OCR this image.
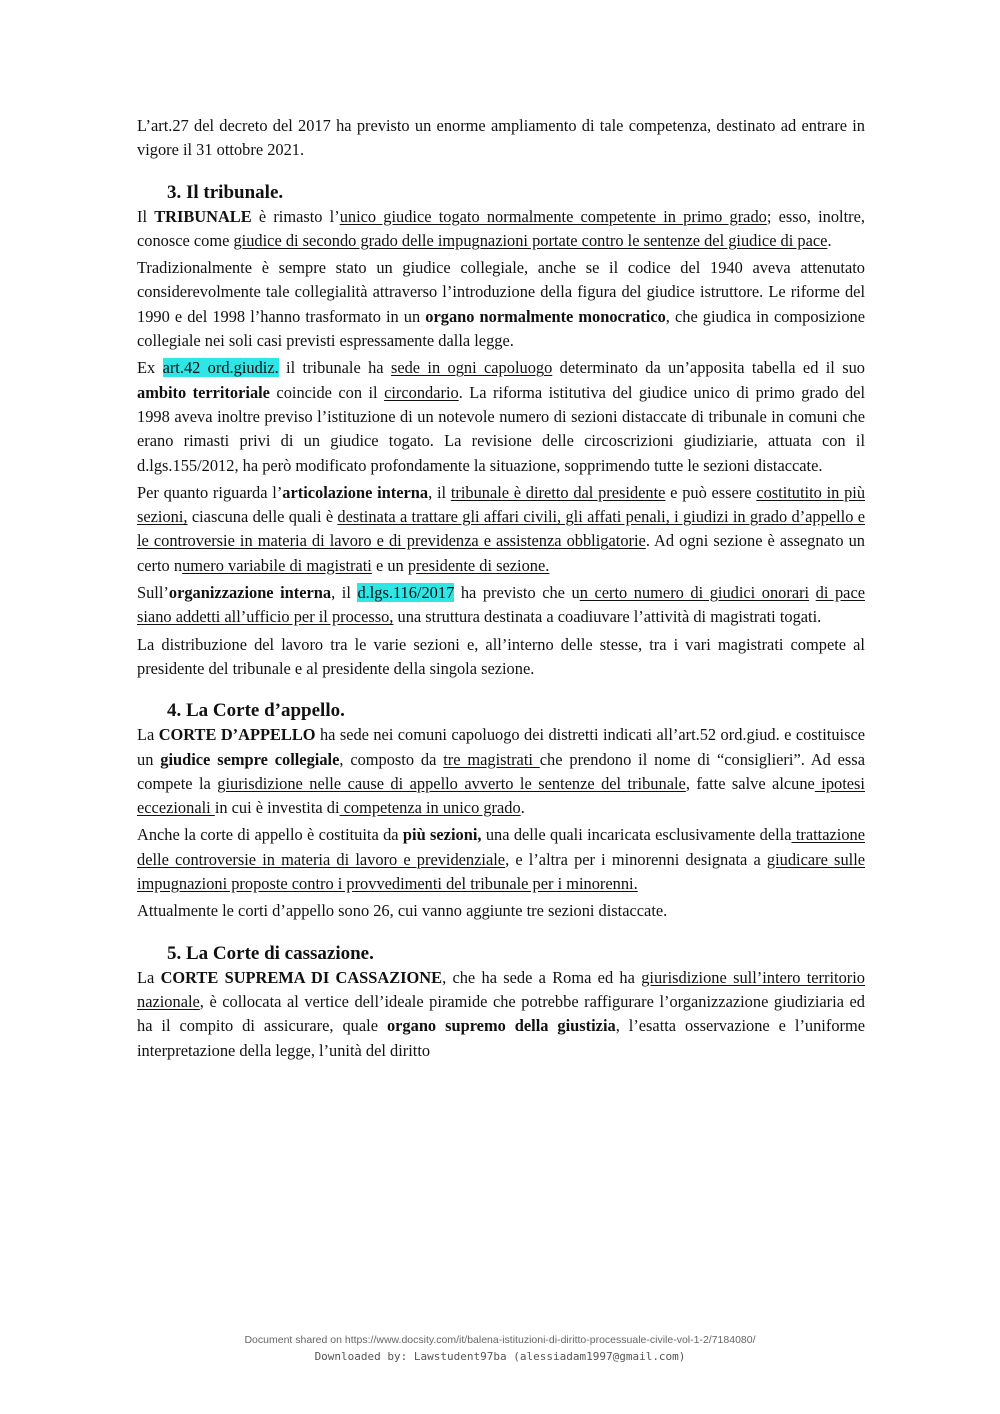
L’art.27 del decreto del 2017 ha previsto un enorme ampliamento di tale competenza, destinato ad entrare in vigore il 31 ottobre 2021.

3. Il tribunale.

Il TRIBUNALE è rimasto l’unico giudice togato normalmente competente in primo grado; esso, inoltre, conosce come giudice di secondo grado delle impugnazioni portate contro le sentenze del giudice di pace.

Tradizionalmente è sempre stato un giudice collegiale, anche se il codice del 1940 aveva attenutato considerevolmente tale collegialità attraverso l’introduzione della figura del giudice istruttore. Le riforme del 1990 e del 1998 l’hanno trasformato in un organo normalmente monocratico, che giudica in composizione collegiale nei soli casi previsti espressamente dalla legge.

Ex art.42 ord.giudiz. il tribunale ha sede in ogni capoluogo determinato da un’apposita tabella ed il suo ambito territoriale coincide con il circondario. La riforma istitutiva del giudice unico di primo grado del 1998 aveva inoltre previso l’istituzione di un notevole numero di sezioni distaccate di tribunale in comuni che erano rimasti privi di un giudice togato. La revisione delle circoscrizioni giudiziarie, attuata con il d.lgs.155/2012, ha però modificato profondamente la situazione, sopprimendo tutte le sezioni distaccate.

Per quanto riguarda l’articolazione interna, il tribunale è diretto dal presidente e può essere costitutito in più sezioni, ciascuna delle quali è destinata a trattare gli affari civili, gli affati penali, i giudizi in grado d’appello e le controversie in materia di lavoro e di previdenza e assistenza obbligatorie. Ad ogni sezione è assegnato un certo numero variabile di magistrati e un presidente di sezione.

Sull’organizzazione interna, il d.lgs.116/2017 ha previsto che un certo numero di giudici onorari di pace siano addetti all’ufficio per il processo, una struttura destinata a coadiuvare l’attività di magistrati togati.

La distribuzione del lavoro tra le varie sezioni e, all’interno delle stesse, tra i vari magistrati compete al presidente del tribunale e al presidente della singola sezione.

4. La Corte d’appello.

La CORTE D’APPELLO ha sede nei comuni capoluogo dei distretti indicati all’art.52 ord.giud. e costituisce un giudice sempre collegiale, composto da tre magistrati che prendono il nome di “consiglieri”. Ad essa compete la giurisdizione nelle cause di appello avverto le sentenze del tribunale, fatte salve alcune ipotesi eccezionali in cui è investita di competenza in unico grado.

Anche la corte di appello è costituita da più sezioni, una delle quali incaricata esclusivamente della trattazione delle controversie in materia di lavoro e previdenziale, e l’altra per i minorenni designata a giudicare sulle impugnazioni proposte contro i provvedimenti del tribunale per i minorenni.

Attualmente le corti d’appello sono 26, cui vanno aggiunte tre sezioni distaccate.

5. La Corte di cassazione.

La CORTE SUPREMA DI CASSAZIONE, che ha sede a Roma ed ha giurisdizione sull’intero territorio nazionale, è collocata al vertice dell’ideale piramide che potrebbe raffigurare l’organizzazione giudiziaria ed ha il compito di assicurare, quale organo supremo della giustizia, l’esatta osservazione e l’uniforme interpretazione della legge, l’unità del diritto

Document shared on https://www.docsity.com/it/balena-istituzioni-di-diritto-processuale-civile-vol-1-2/7184080/
Downloaded by: Lawstudent97ba (alessiadam1997@gmail.com)
